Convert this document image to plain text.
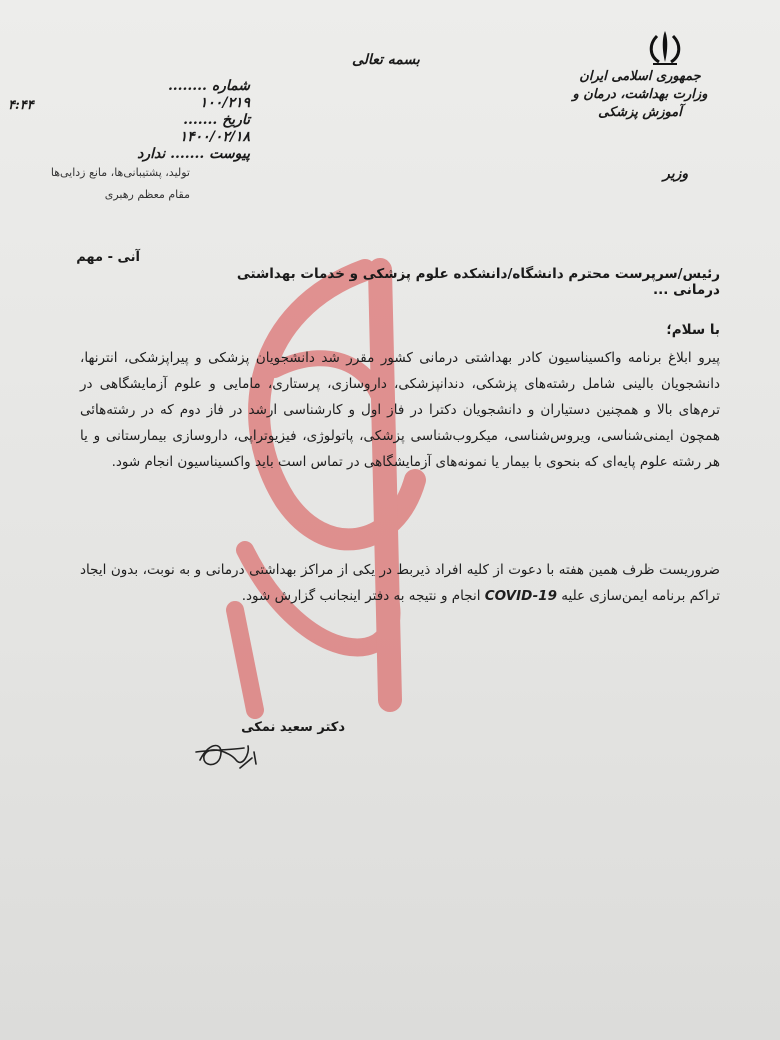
شماره ........ ۱۰۰/۲۱۹
تاریخ ....... ۱۴۰۰/۰۲/۱۸
پیوست ....... ندارد
۴:۴۴
تولید، پشتیبانی‌ها، مانع زدایی‌ها
مقام معظم رهبری
بسمه تعالی
جمهوری اسلامی ایران
وزارت بهداشت، درمان و آموزش پزشکی
وزیر
آنی - مهم
رئیس/سرپرست محترم دانشگاه/دانشکده علوم پزشکی و خدمات بهداشتی درمانی ...
با سلام؛
پیرو ابلاغ برنامه واکسیناسیون کادر بهداشتی درمانی کشور مقرر شد دانشجویان پزشکی و پیراپزشکی، انترنها، دانشجویان بالینی شامل رشته‌های پزشکی، دندانپزشکی، داروسازی، پرستاری، مامایی و علوم آزمایشگاهی در ترم‌های بالا و همچنین دستیاران و دانشجویان دکترا در فاز اول و کارشناسی ارشد در فاز دوم که در رشته‌هائی همچون ایمنی‌شناسی، ویروس‌شناسی، میکروب‌شناسی پزشکی، پاتولوژی، فیزیوتراپی، داروسازی بیمارستانی و یا هر رشته علوم پایه‌ای که بنحوی با بیمار یا نمونه‌های آزمایشگاهی در تماس است باید واکسیناسیون انجام شود.
ضروریست ظرف همین هفته با دعوت از کلیه افراد ذیربط در یکی از مراکز بهداشتی درمانی و به نوبت، بدون ایجاد تراکم برنامه ایمن‌سازی علیه COVID-19 انجام و نتیجه به دفتر اینجانب گزارش شود.
دکتر سعید نمکی
